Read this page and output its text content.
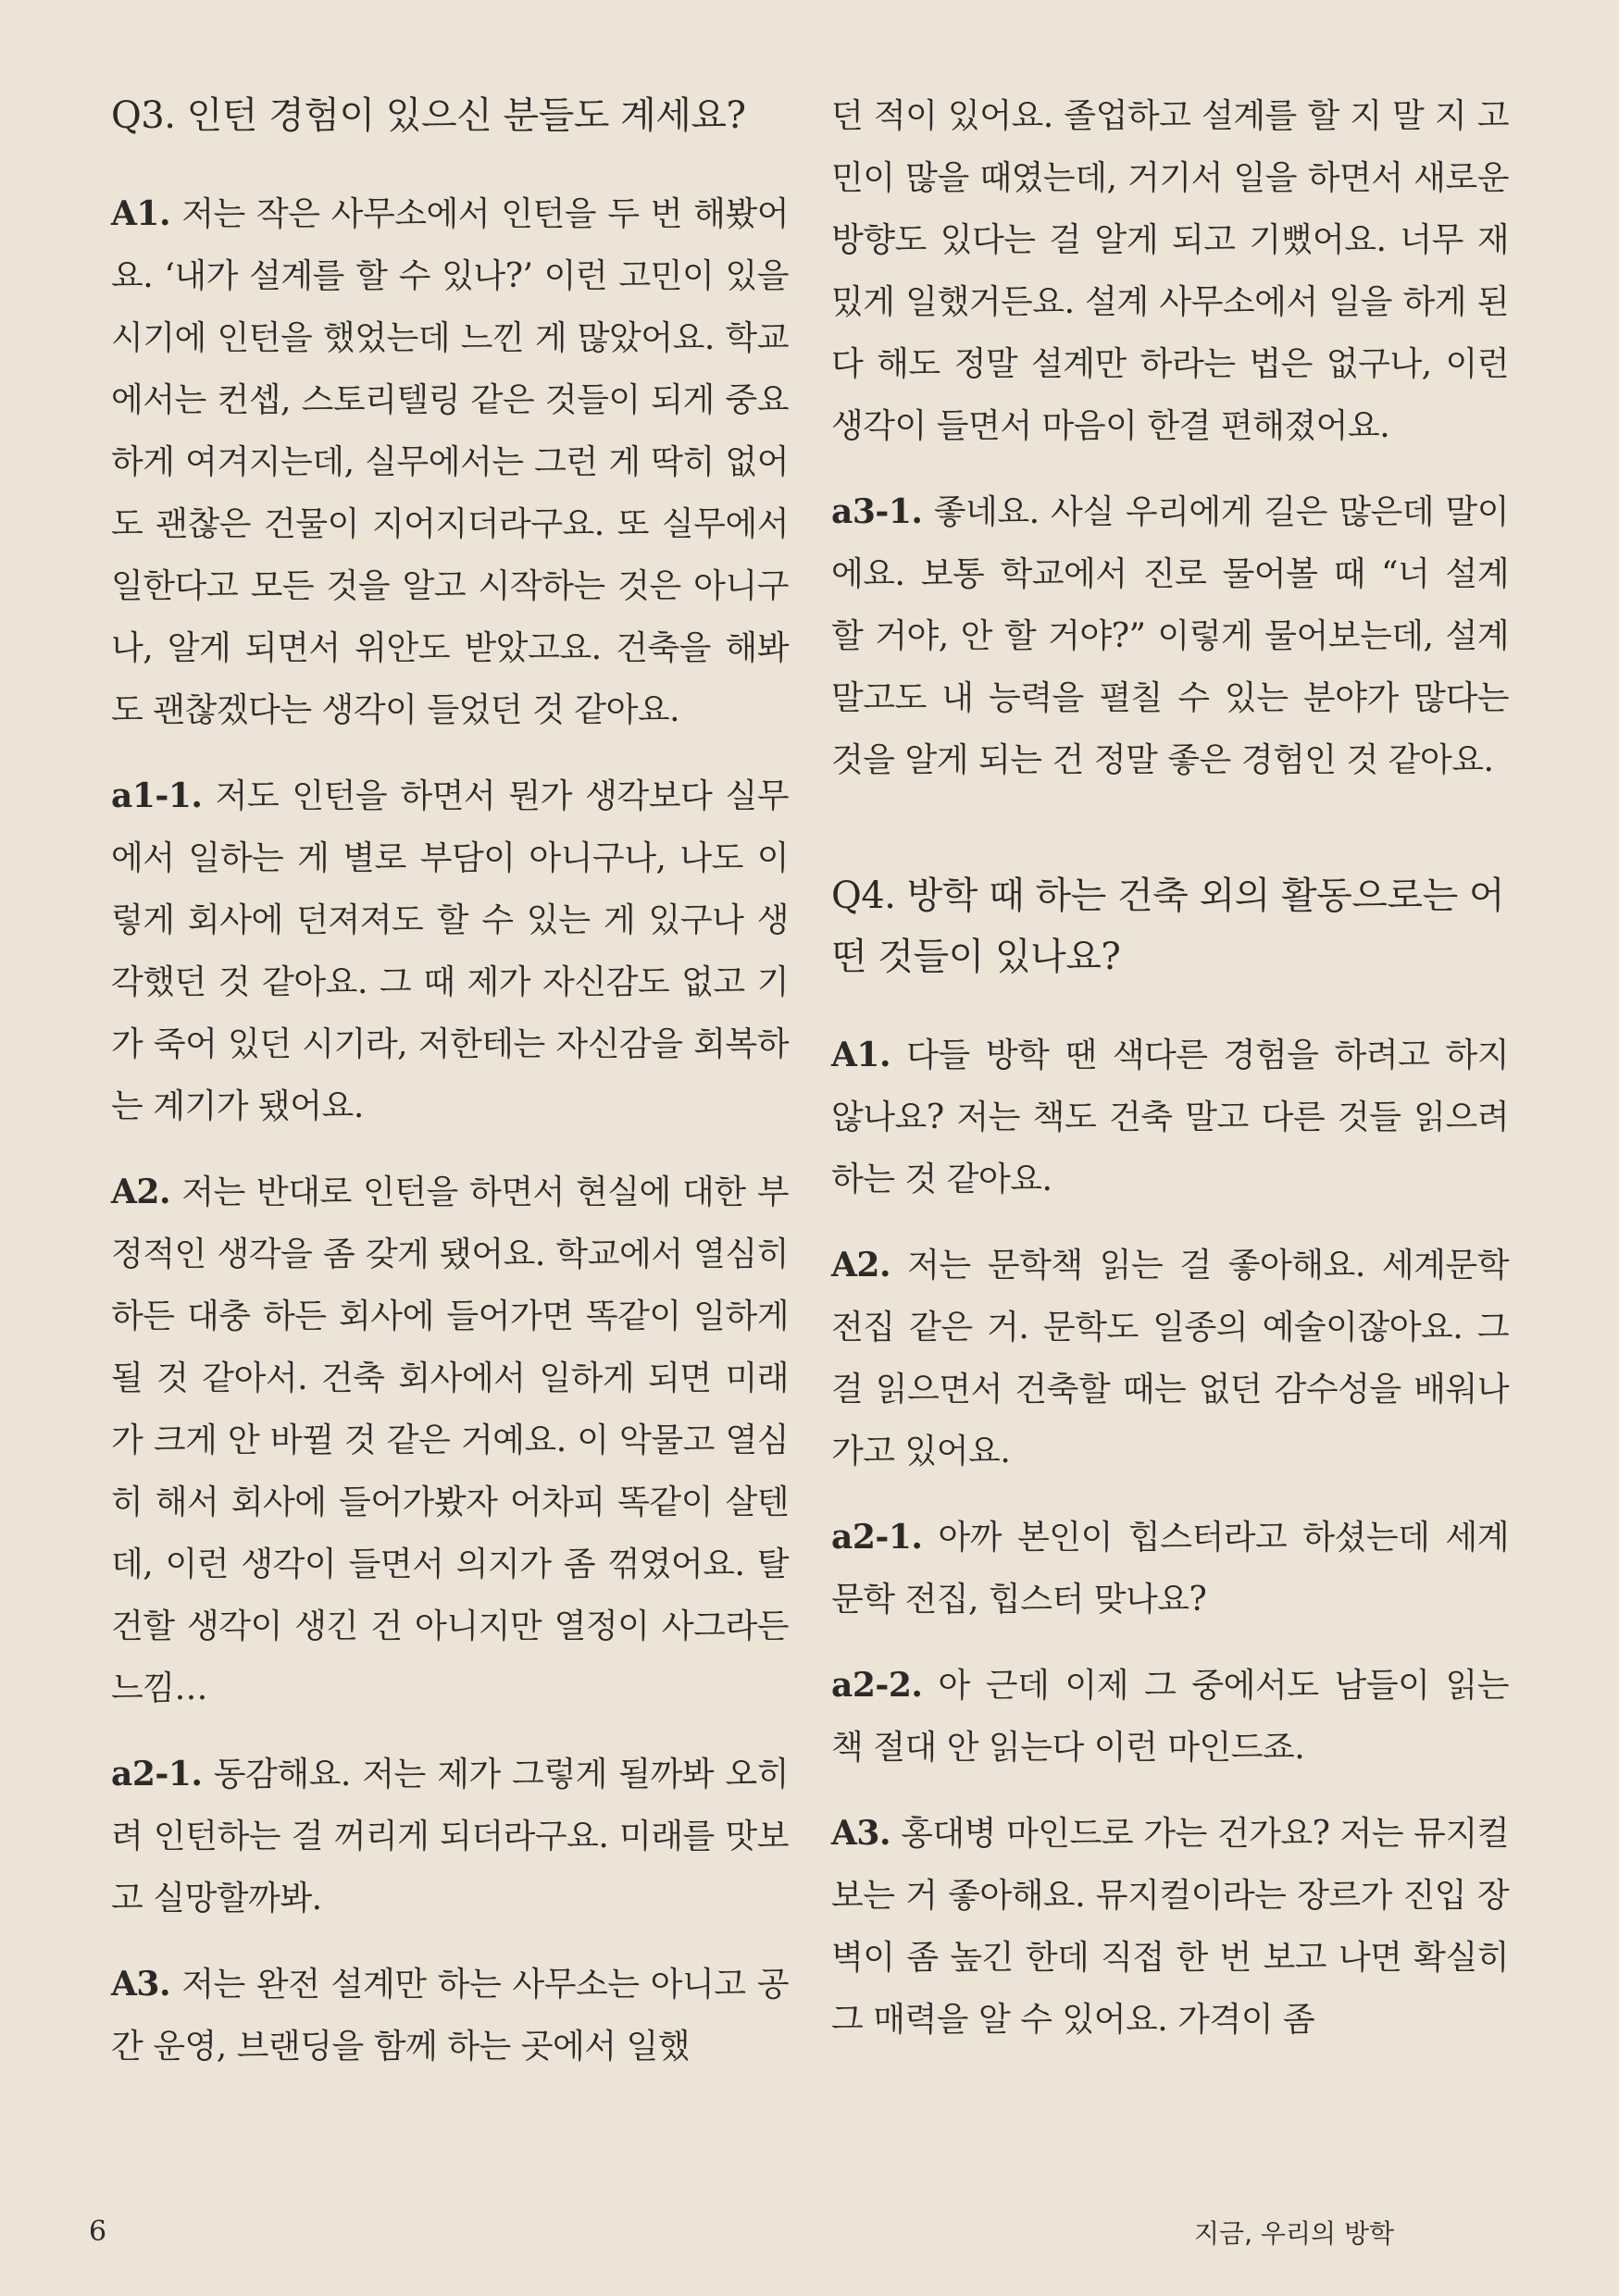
Q3. 인턴 경험이 있으신 분들도 계세요?

A1. 저는 작은 사무소에서 인턴을 두 번 해봤어요. ‘내가 설계를 할 수 있나?’ 이런 고민이 있을 시기에 인턴을 했었는데 느낀 게 많았어요. 학교에서는 컨셉, 스토리텔링 같은 것들이 되게 중요하게 여겨지는데, 실무에서는 그런 게 딱히 없어도 괜찮은 건물이 지어지더라구요. 또 실무에서 일한다고 모든 것을 알고 시작하는 것은 아니구나, 알게 되면서 위안도 받았고요. 건축을 해봐도 괜찮겠다는 생각이 들었던 것 같아요.

a1-1. 저도 인턴을 하면서 뭔가 생각보다 실무에서 일하는 게 별로 부담이 아니구나, 나도 이렇게 회사에 던져져도 할 수 있는 게 있구나 생각했던 것 같아요. 그 때 제가 자신감도 없고 기가 죽어 있던 시기라, 저한테는 자신감을 회복하는 계기가 됐어요.

A2. 저는 반대로 인턴을 하면서 현실에 대한 부정적인 생각을 좀 갖게 됐어요. 학교에서 열심히 하든 대충 하든 회사에 들어가면 똑같이 일하게 될 것 같아서. 건축 회사에서 일하게 되면 미래가 크게 안 바뀔 것 같은 거예요. 이 악물고 열심히 해서 회사에 들어가봤자 어차피 똑같이 살텐데, 이런 생각이 들면서 의지가 좀 꺾였어요. 탈건할 생각이 생긴 건 아니지만 열정이 사그라든 느낌…

a2-1. 동감해요. 저는 제가 그렇게 될까봐 오히려 인턴하는 걸 꺼리게 되더라구요. 미래를 맛보고 실망할까봐.

A3. 저는 완전 설계만 하는 사무소는 아니고 공간 운영, 브랜딩을 함께 하는 곳에서 일했

던 적이 있어요. 졸업하고 설계를 할 지 말 지 고민이 많을 때였는데, 거기서 일을 하면서 새로운 방향도 있다는 걸 알게 되고 기뻤어요. 너무 재밌게 일했거든요. 설계 사무소에서 일을 하게 된다 해도 정말 설계만 하라는 법은 없구나, 이런 생각이 들면서 마음이 한결 편해졌어요.

a3-1. 좋네요. 사실 우리에게 길은 많은데 말이에요. 보통 학교에서 진로 물어볼 때 “너 설계 할 거야, 안 할 거야?” 이렇게 물어보는데, 설계 말고도 내 능력을 펼칠 수 있는 분야가 많다는 것을 알게 되는 건 정말 좋은 경험인 것 같아요.

Q4. 방학 때 하는 건축 외의 활동으로는 어떤 것들이 있나요?

A1. 다들 방학 땐 색다른 경험을 하려고 하지 않나요? 저는 책도 건축 말고 다른 것들 읽으려 하는 것 같아요.

A2. 저는 문학책 읽는 걸 좋아해요. 세계문학 전집 같은 거. 문학도 일종의 예술이잖아요. 그걸 읽으면서 건축할 때는 없던 감수성을 배워나가고 있어요.

a2-1. 아까 본인이 힙스터라고 하셨는데 세계문학 전집, 힙스터 맞나요?

a2-2. 아 근데 이제 그 중에서도 남들이 읽는 책 절대 안 읽는다 이런 마인드죠.

A3. 홍대병 마인드로 가는 건가요? 저는 뮤지컬 보는 거 좋아해요. 뮤지컬이라는 장르가 진입 장벽이 좀 높긴 한데 직접 한 번 보고 나면 확실히 그 매력을 알 수 있어요. 가격이 좀

6	지금, 우리의 방학
